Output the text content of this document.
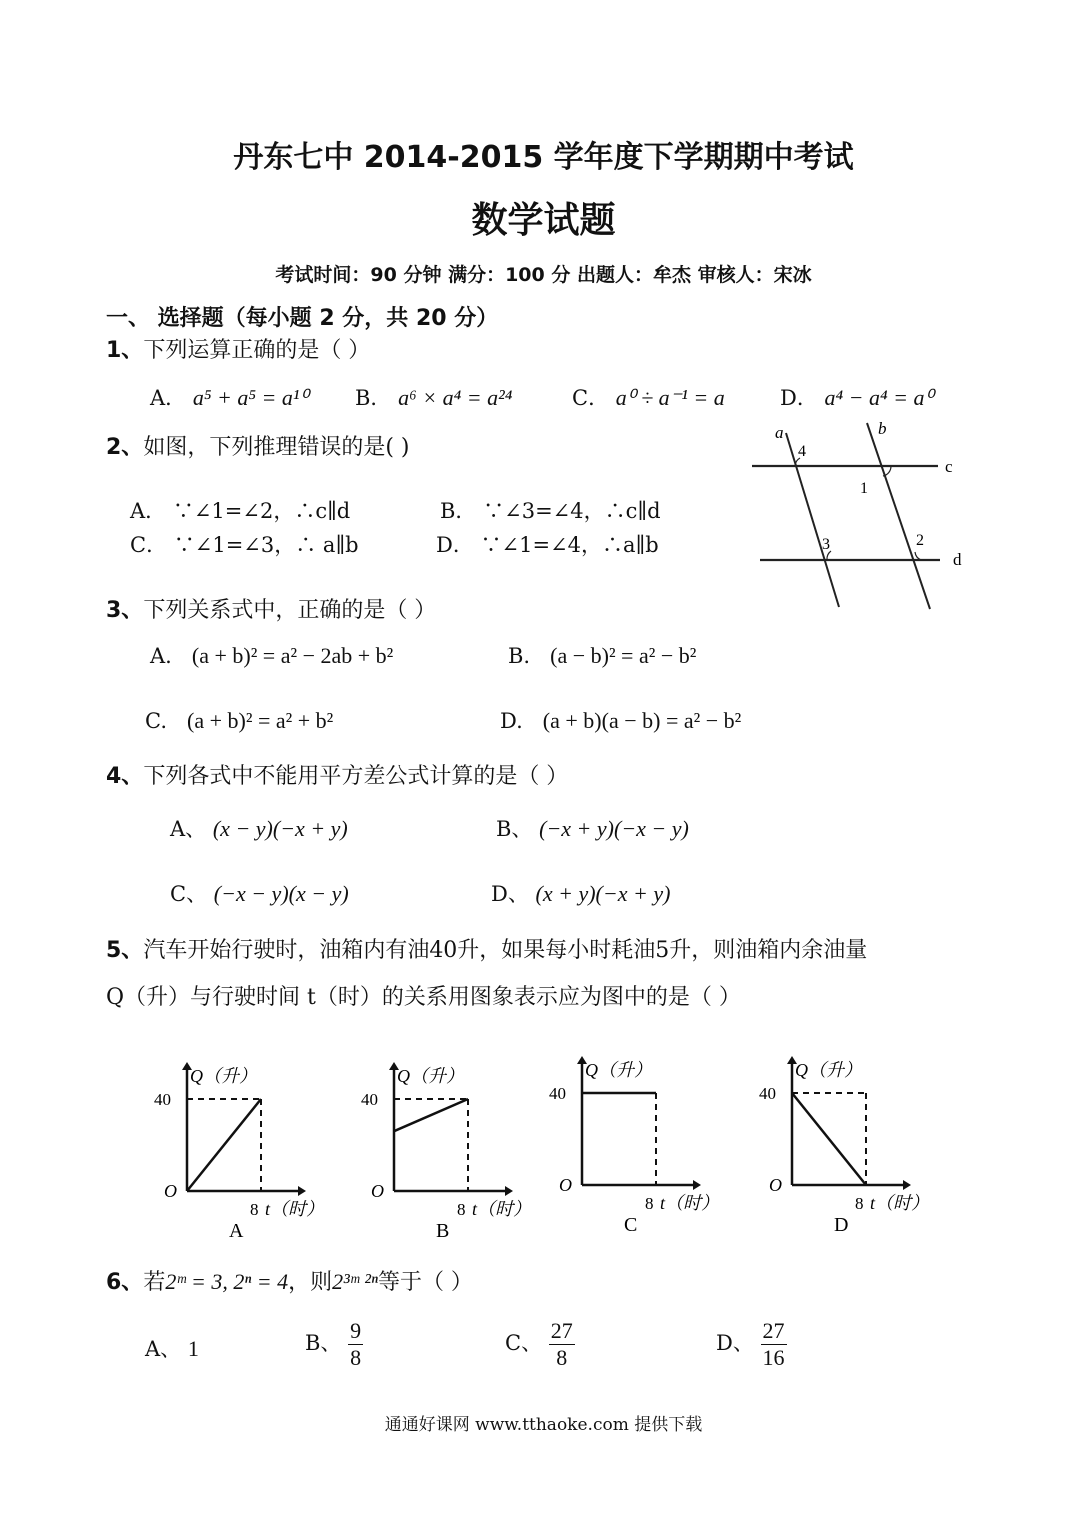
丹东七中 2014-2015 学年度下学期期中考试
数学试题
考试时间：90 分钟 满分：100 分 出题人：牟杰 审核人：宋冰
一、 选择题（每小题 2 分，共 20 分）
1、下列运算正确的是（ ）
A． a⁵ + a⁵ = a¹⁰ B． a⁶ × a⁴ = a²⁴	C． a⁰ ÷ a⁻¹ = a	D． a⁴ − a⁴ = a⁰
2、如图，下列推理错误的是( )
A． ∵∠1=∠2，∴c∥d	B． ∵∠3=∠4，∴c∥d
C． ∵∠1=∠3，∴ a∥b	D． ∵∠1=∠4，∴a∥b
a	b
c
d
4
1
3	2
3、下列关系式中，正确的是（ ）
A. (a + b)² = a² − 2ab + b²	B. (a − b)² = a² − b²
C. (a + b)² = a² + b²	D. (a + b)(a − b) = a² − b²
4、下列各式中不能用平方差公式计算的是（ ）
A、 (x − y)(−x + y)	B、 (−x + y)(−x − y)
C、 (−x − y)(x − y)	D、 (x + y)(−x + y)
5、汽车开始行驶时，油箱内有油40升，如果每小时耗油5升，则油箱内余油量
Q（升）与行驶时间 t（时）的关系用图象表示应为图中的是（ ）
Q（升）
40
O
8 t（时）
A
Q（升）
40
O
8 t（时）
B
Q（升）
40
O
8 t（时）
C
Q（升）
40
O
8 t（时）
D
6、若2ᵐ = 3, 2ⁿ = 4，则2³ᵐ ²ⁿ等于（ ）
A、 1	B、 $\frac{9}{8}$	C、 $\frac{27}{8}$	D、 $\frac{27}{16}$
通通好课网 www.tthaoke.com 提供下载
